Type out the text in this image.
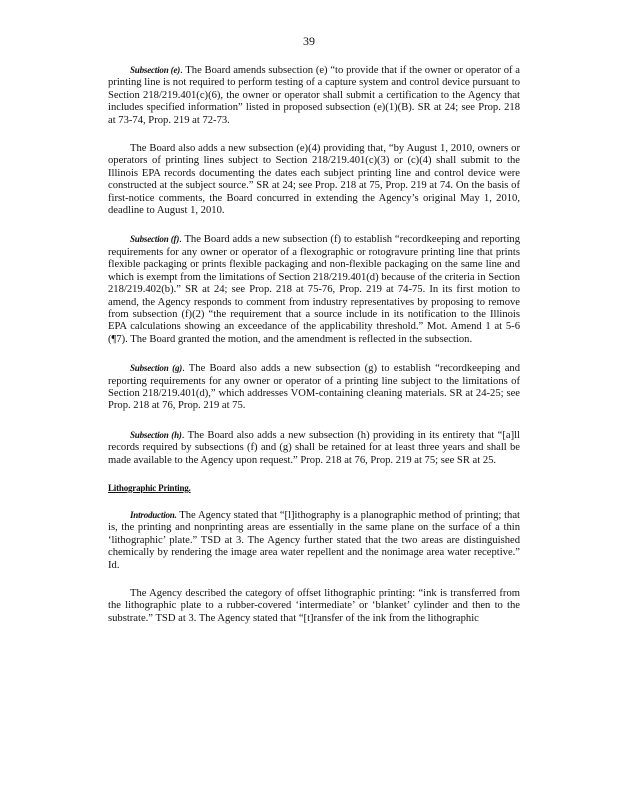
39

Subsection (e). The Board amends subsection (e) “to provide that if the owner or operator of a printing line is not required to perform testing of a capture system and control device pursuant to Section 218/219.401(c)(6), the owner or operator shall submit a certification to the Agency that includes specified information” listed in proposed subsection (e)(1)(B). SR at 24; see Prop. 218 at 73-74, Prop. 219 at 72-73.

The Board also adds a new subsection (e)(4) providing that, “by August 1, 2010, owners or operators of printing lines subject to Section 218/219.401(c)(3) or (c)(4) shall submit to the Illinois EPA records documenting the dates each subject printing line and control device were constructed at the subject source.” SR at 24; see Prop. 218 at 75, Prop. 219 at 74. On the basis of first-notice comments, the Board concurred in extending the Agency’s original May 1, 2010, deadline to August 1, 2010.

Subsection (f). The Board adds a new subsection (f) to establish “recordkeeping and reporting requirements for any owner or operator of a flexographic or rotogravure printing line that prints flexible packaging or prints flexible packaging and non-flexible packaging on the same line and which is exempt from the limitations of Section 218/219.401(d) because of the criteria in Section 218/219.402(b).” SR at 24; see Prop. 218 at 75-76, Prop. 219 at 74-75. In its first motion to amend, the Agency responds to comment from industry representatives by proposing to remove from subsection (f)(2) “the requirement that a source include in its notification to the Illinois EPA calculations showing an exceedance of the applicability threshold.” Mot. Amend 1 at 5-6 (¶7). The Board granted the motion, and the amendment is reflected in the subsection.

Subsection (g). The Board also adds a new subsection (g) to establish “recordkeeping and reporting requirements for any owner or operator of a printing line subject to the limitations of Section 218/219.401(d),” which addresses VOM-containing cleaning materials. SR at 24-25; see Prop. 218 at 76, Prop. 219 at 75.

Subsection (h). The Board also adds a new subsection (h) providing in its entirety that “[a]ll records required by subsections (f) and (g) shall be retained for at least three years and shall be made available to the Agency upon request.” Prop. 218 at 76, Prop. 219 at 75; see SR at 25.

Lithographic Printing.

Introduction. The Agency stated that “[l]ithography is a planographic method of printing; that is, the printing and nonprinting areas are essentially in the same plane on the surface of a thin ‘lithographic’ plate.” TSD at 3. The Agency further stated that the two areas are distinguished chemically by rendering the image area water repellent and the nonimage area water receptive.” Id.

The Agency described the category of offset lithographic printing: “ink is transferred from the lithographic plate to a rubber-covered ‘intermediate’ or ‘blanket’ cylinder and then to the substrate.” TSD at 3. The Agency stated that “[t]ransfer of the ink from the lithographic
